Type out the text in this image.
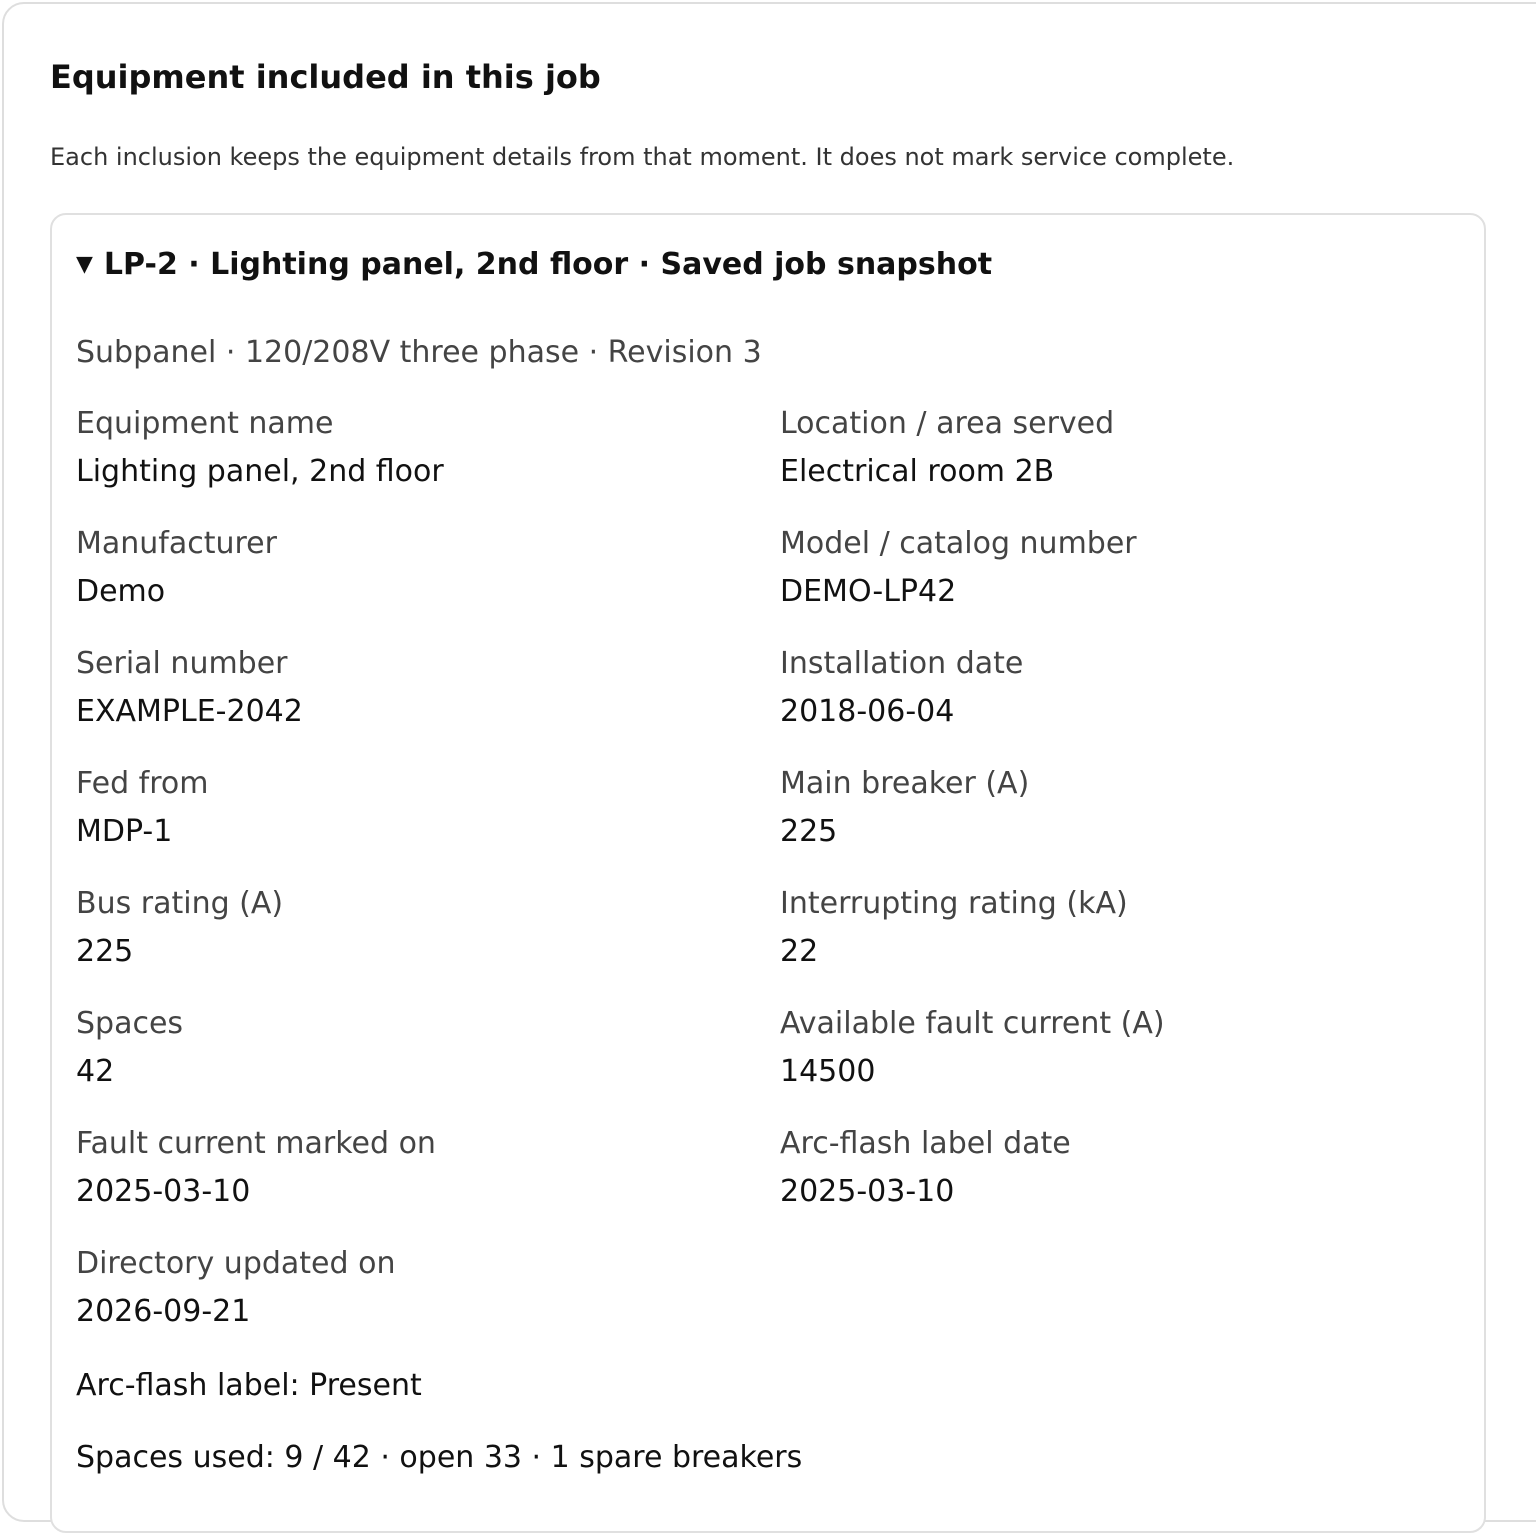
Equipment included in this job

Each inclusion keeps the equipment details from that moment. It does not mark service complete.

▼ LP-2 · Lighting panel, 2nd floor · Saved job snapshot
Subpanel · 120/208V three phase · Revision 3
Equipment name
Lighting panel, 2nd floor
Location / area served
Electrical room 2B
Manufacturer
Demo
Model / catalog number
DEMO-LP42
Serial number
EXAMPLE-2042
Installation date
2018-06-04
Fed from
MDP-1
Main breaker (A)
225
Bus rating (A)
225
Interrupting rating (kA)
22
Spaces
42
Available fault current (A)
14500
Fault current marked on
2025-03-10
Arc-flash label date
2025-03-10
Directory updated on
2026-09-21
Arc-flash label: Present
Spaces used: 9 / 42 · open 33 · 1 spare breakers
